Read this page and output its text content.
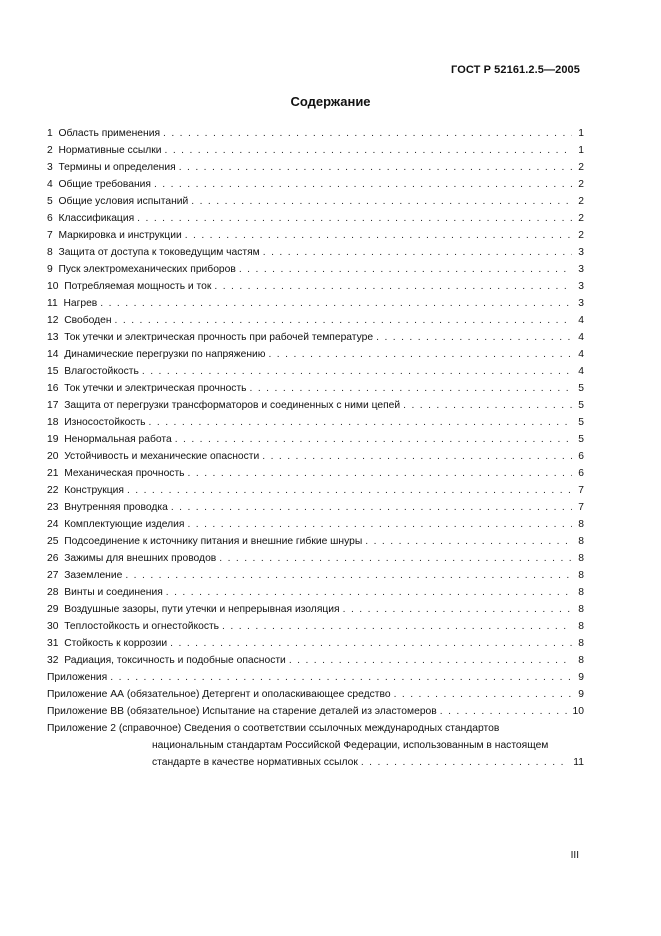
ГОСТ Р 52161.2.5—2005
Содержание
1 Область применения . . .	1
2 Нормативные ссылки . . .	1
3 Термины и определения . . .	2
4 Общие требования . . .	2
5 Общие условия испытаний . . .	2
6 Классификация . . .	2
7 Маркировка и инструкции . . .	2
8 Защита от доступа к токоведущим частям . . .	3
9 Пуск электромеханических приборов . . .	3
10 Потребляемая мощность и ток . . .	3
11 Нагрев . . .	3
12 Свободен . . .	4
13 Ток утечки и электрическая прочность при рабочей температуре . . .	4
14 Динамические перегрузки по напряжению . . .	4
15 Влагостойкость . . .	4
16 Ток утечки и электрическая прочность . . .	5
17 Защита от перегрузки трансформаторов и соединенных с ними цепей . . .	5
18 Износостойкость . . .	5
19 Ненормальная работа . . .	5
20 Устойчивость и механические опасности . . .	6
21 Механическая прочность . . .	6
22 Конструкция . . .	7
23 Внутренняя проводка . . .	7
24 Комплектующие изделия . . .	8
25 Подсоединение к источнику питания и внешние гибкие шнуры . . .	8
26 Зажимы для внешних проводов . . .	8
27 Заземление . . .	8
28 Винты и соединения . . .	8
29 Воздушные зазоры, пути утечки и непрерывная изоляция . . .	8
30 Теплостойкость и огнестойкость . . .	8
31 Стойкость к коррозии . . .	8
32 Радиация, токсичность и подобные опасности . . .	8
Приложения . . .	9
Приложение АА (обязательное) Детергент и ополаскивающее средство . . .	9
Приложение ВВ (обязательное) Испытание на старение деталей из эластомеров . . .	10
Приложение 2 (справочное) Сведения о соответствии ссылочных международных стандартов
национальным стандартам Российской Федерации, использованным в настоящем
стандарте в качестве нормативных ссылок . . .	11
III
